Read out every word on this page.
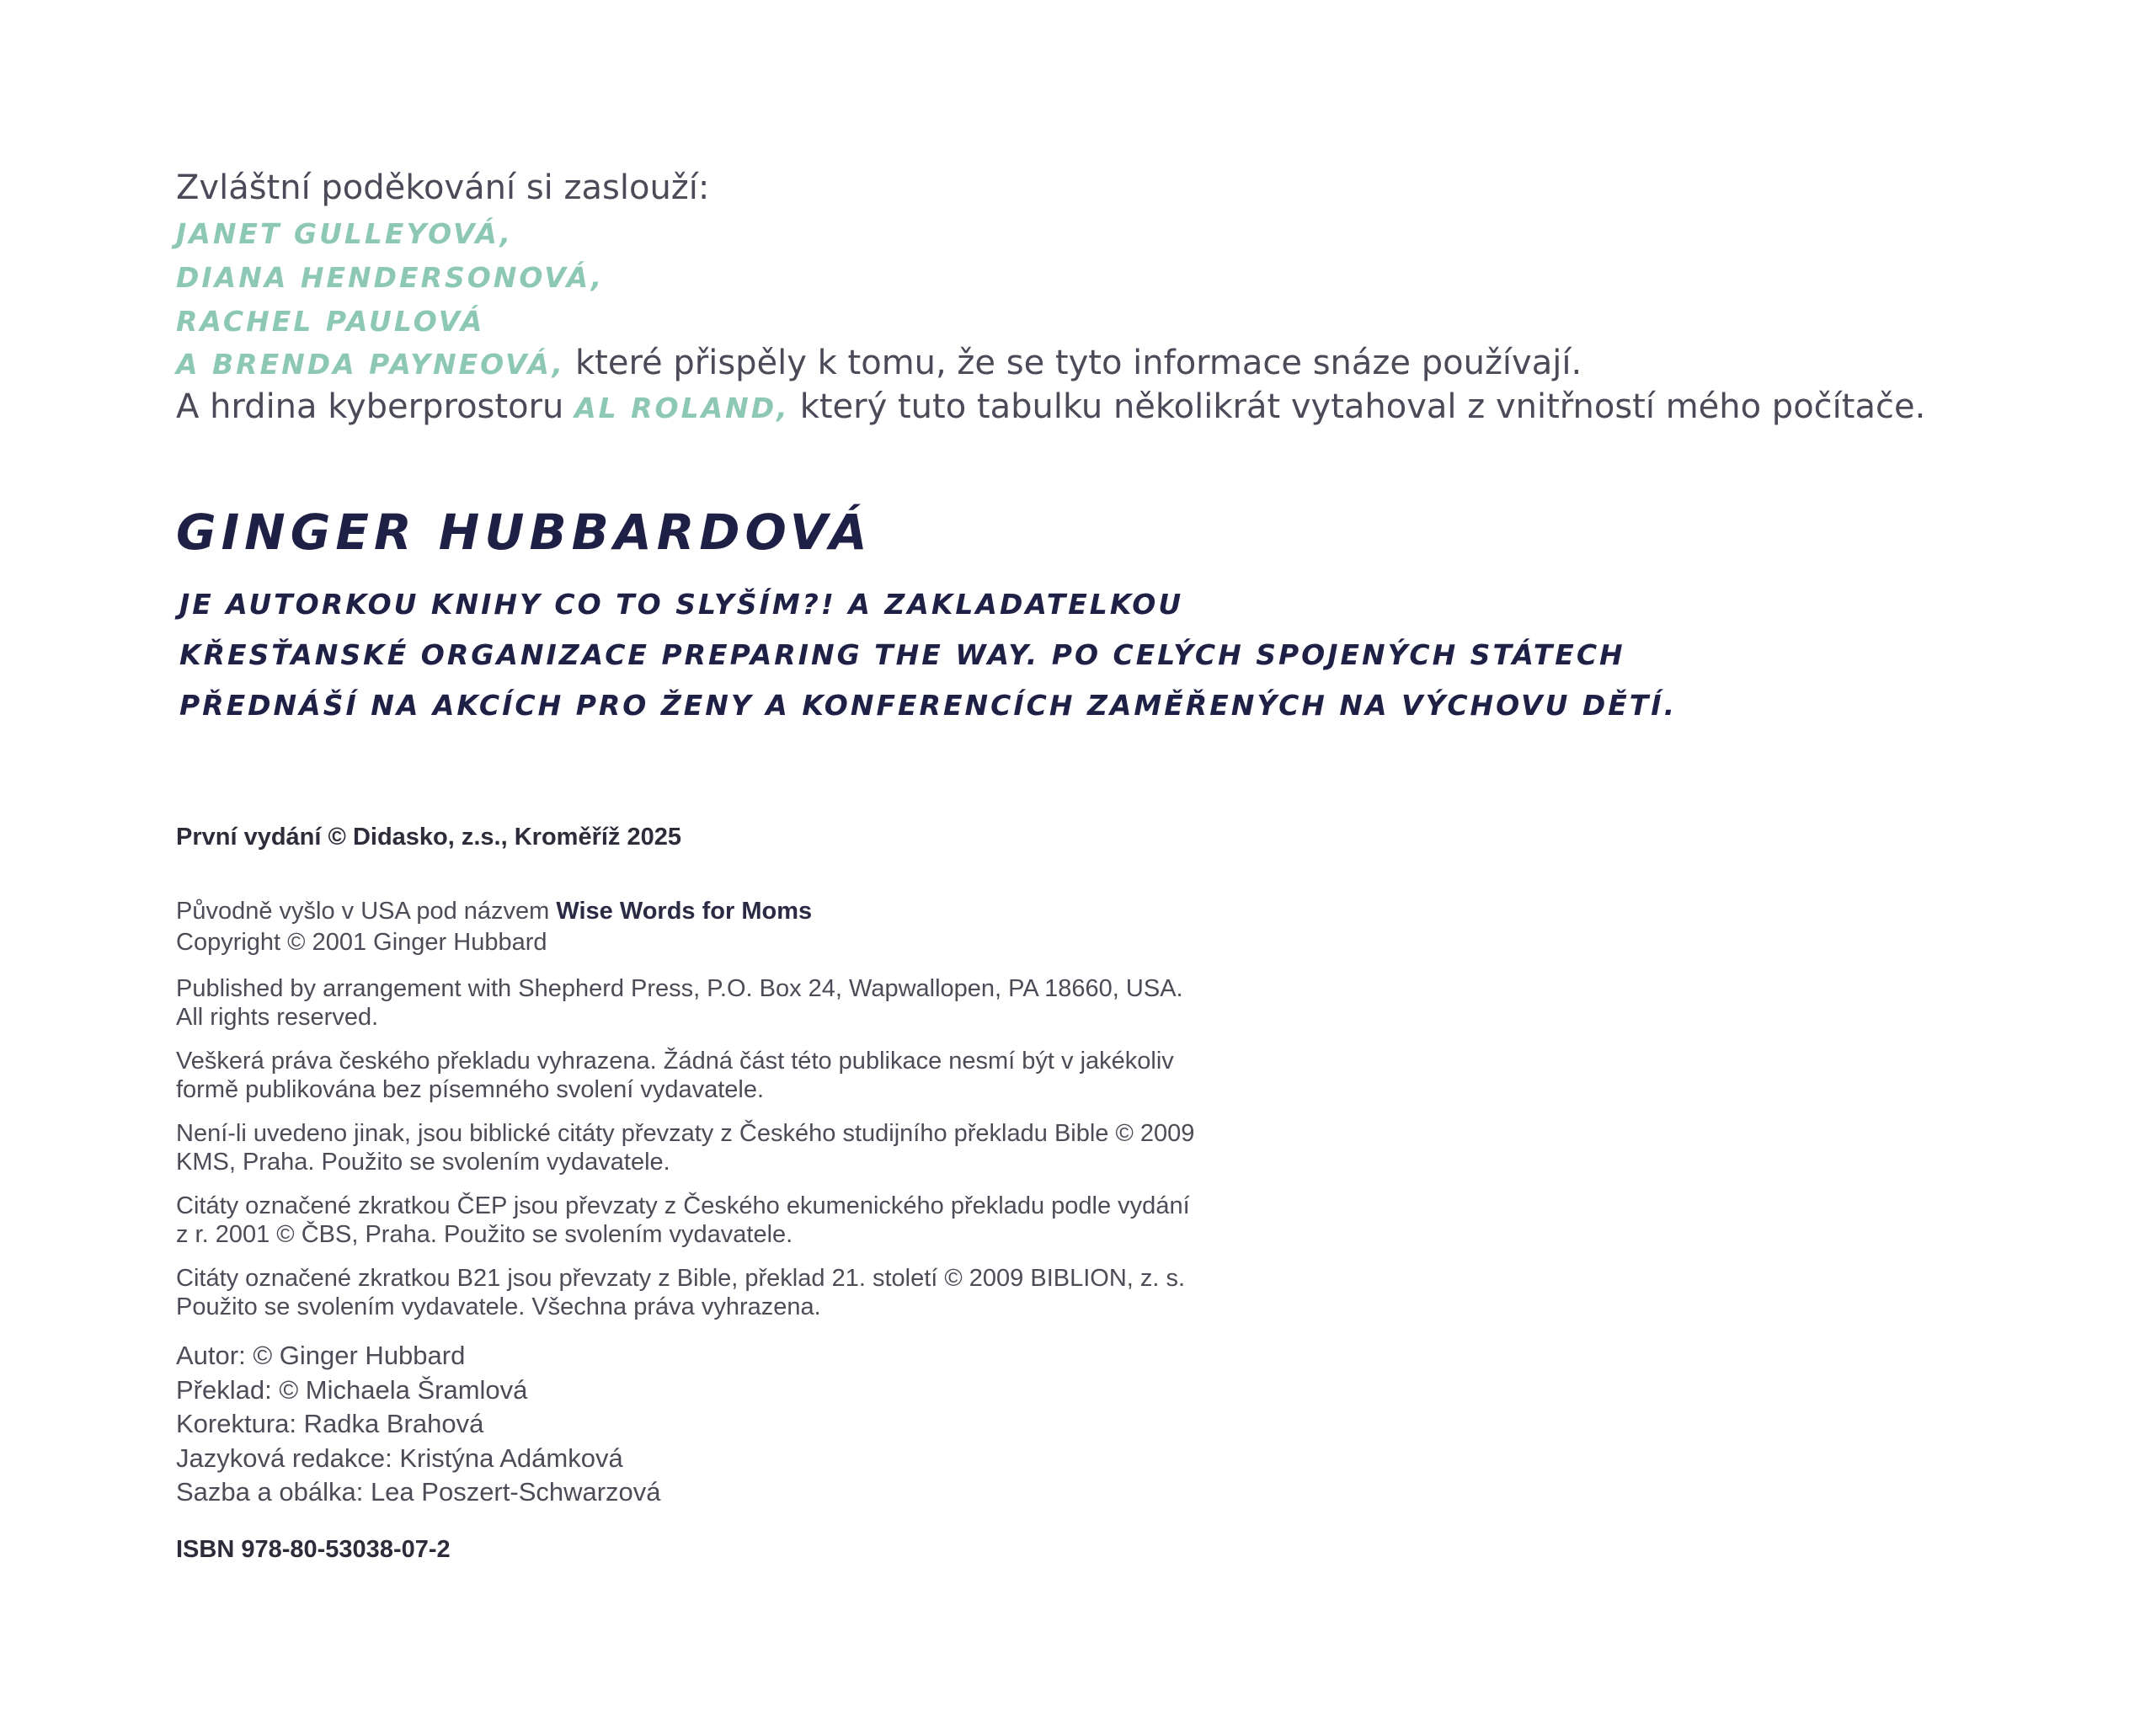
Zvláštní poděkování si zaslouží:
JANET GULLEYOVÁ,
DIANA HENDERSONOVÁ,
RACHEL PAULOVÁ
A BRENDA PAYNEOVÁ, které přispěly k tomu, že se tyto informace snáze používají.
A hrdina kyberprostoru AL ROLAND, který tuto tabulku několikrát vytahoval z vnitřností mého počítače.
GINGER HUBBARDOVÁ
JE AUTORKOU KNIHY CO TO SLYŠÍM?! A ZAKLADATELKOU
KŘESŤANSKÉ ORGANIZACE PREPARING THE WAY. PO CELÝCH SPOJENÝCH STÁTECH
PŘEDNÁŠÍ NA AKCÍCH PRO ŽENY A KONFERENCÍCH ZAMĚŘENÝCH NA VÝCHOVU DĚTÍ.
První vydání © Didasko, z.s., Kroměříž 2025
Původně vyšlo v USA pod názvem Wise Words for Moms
Copyright © 2001 Ginger Hubbard
Published by arrangement with Shepherd Press, P.O. Box 24, Wapwallopen, PA 18660, USA.
All rights reserved.
Veškerá práva českého překladu vyhrazena. Žádná část této publikace nesmí být v jakékoliv
formě publikována bez písemného svolení vydavatele.
Není-li uvedeno jinak, jsou biblické citáty převzaty z Českého studijního překladu Bible © 2009
KMS, Praha. Použito se svolením vydavatele.
Citáty označené zkratkou ČEP jsou převzaty z Českého ekumenického překladu podle vydání
z r. 2001 © ČBS, Praha. Použito se svolením vydavatele.
Citáty označené zkratkou B21 jsou převzaty z Bible, překlad 21. století © 2009 BIBLION, z. s.
Použito se svolením vydavatele. Všechna práva vyhrazena.
Autor: © Ginger Hubbard
Překlad: © Michaela Šramlová
Korektura: Radka Brahová
Jazyková redakce: Kristýna Adámková
Sazba a obálka: Lea Poszert-Schwarzová
ISBN 978-80-53038-07-2
